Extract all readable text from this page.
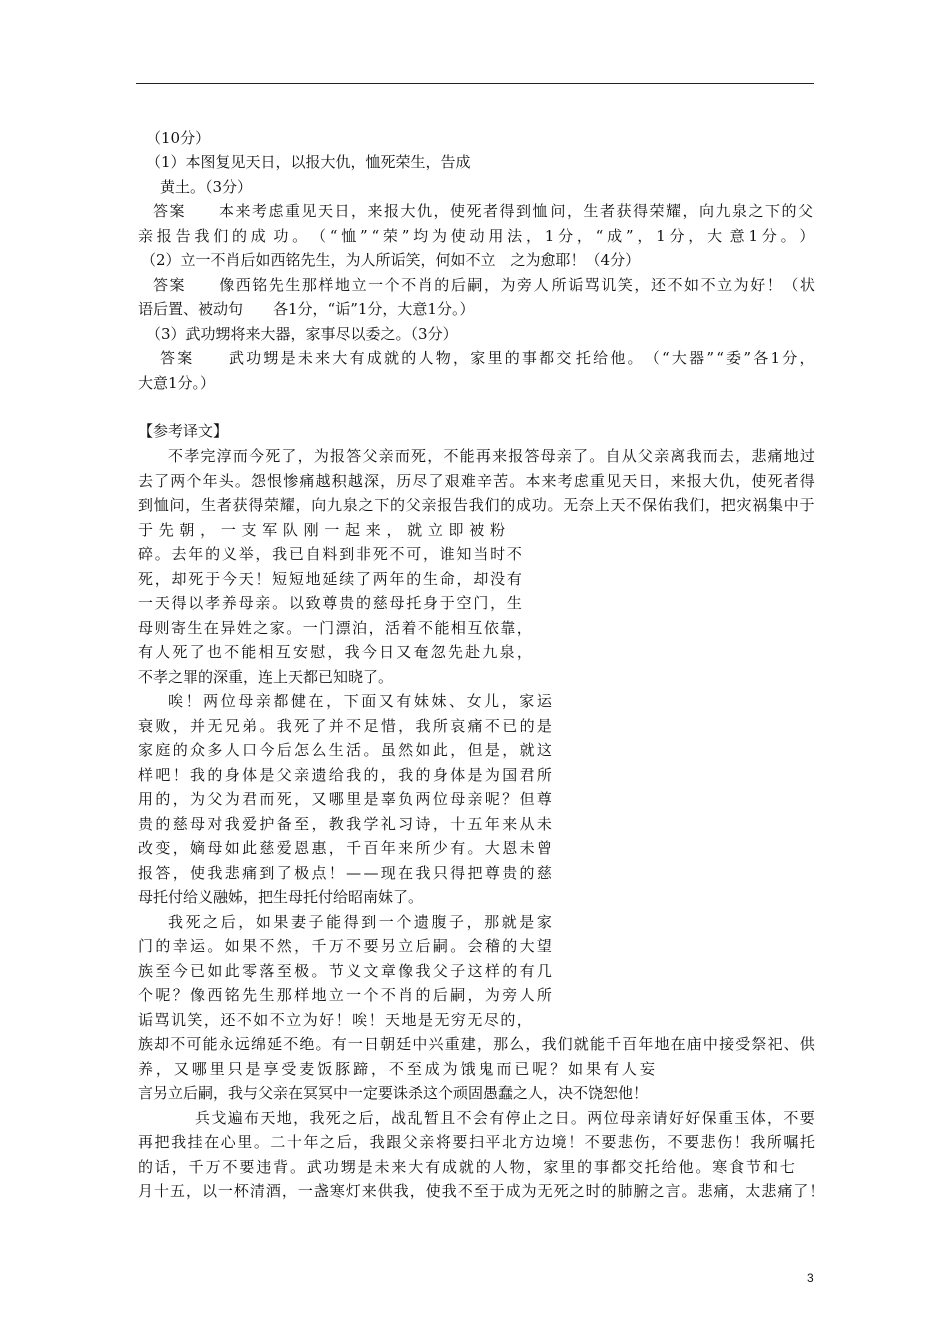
（10分）
（1）本图复见天日，以报大仇，恤死荣生，告成
黄土。（3分）
答 案

　 本 来 考 虑 重 见 天 日 ， 来 报 大 仇 ， 使 死 者 得 到 恤 问 ， 生 者 获 得 荣 耀 ， 向 九 泉 之 下 的 父
亲 报 告 我 们 的 成 功 。 （ “ 恤 ” “ 荣 ” 均 为 使 动 用 法 ， 1 分 ， “ 成 ” ， 1 分 ， 大 意 1 分 。 ）
（2）立一不肖后如西铭先生，为人所诟笑，何如不立　之为愈耶！（4分）
答 案

　 像 西 铭 先 生 那 样 地 立 一 个 不 肖 的 后 嗣 ， 为 旁 人 所 诟 骂 讥 笑 ， 还 不 如 不 立 为 好 ！ （ 状
语后置、被动句　　各1分，“诟”1分，大意1分。）
（3）武功甥将来大器，家事尽以委之。（3分）
答 案

　 武 功 甥 是 未 来 大 有 成 就 的 人 物 ， 家 里 的 事 都 交 托 给 他 。 （ “ 大 器 ” “ 委 ” 各 1 分 ，
大意1分。）
【参考译文】
不 孝 完 淳 而 今 死 了 ， 为 报 答 父 亲 而 死 ， 不 能 再 来 报 答 母 亲 了 。 自 从 父 亲 离 我 而 去 ， 悲 痛 地 过
去 了 两 个 年 头 。 怨 恨 惨 痛 越 积 越 深 ， 历 尽 了 艰 难 辛 苦 。 本 来 考 虑 重 见 天 日 ， 来 报 大 仇 ， 使 死 者 得
到 恤 问 ， 生 者 获 得 荣 耀 ， 向 九 泉 之 下 的 父 亲 报 告 我 们 的 成 功 。 无 奈 上 天 不 保 佑 我 们 ， 把 灾 祸 集 中 于
于 先 朝 ， 一 支 军 队 刚 一 起 来 ， 就 立 即 被 粉
碎 。 去 年 的 义 举 ， 我 已 自 料 到 非 死 不 可 ， 谁 知 当 时 不
死 ， 却 死 于 今 天 ！ 短 短 地 延 续 了 两 年 的 生 命 ， 却 没 有
一 天 得 以 孝 养 母 亲 。 以 致 尊 贵 的 慈 母 托 身 于 空 门 ， 生
母 则 寄 生 在 异 姓 之 家 。 一 门 漂 泊 ， 活 着 不 能 相 互 依 靠 ，
有 人 死 了 也 不 能 相 互 安 慰 ， 我 今 日 又 奄 忽 先 赴 九 泉 ，
不孝之罪的深重，连上天都已知晓了。
唉 ！ 两 位 母 亲 都 健 在 ， 下 面 又 有 妹 妹 、 女 儿 ， 家 运
衰 败 ， 并 无 兄 弟 。 我 死 了 并 不 足 惜 ， 我 所 哀 痛 不 已 的 是
家 庭 的 众 多 人 口 今 后 怎 么 生 活 。 虽 然 如 此 ， 但 是 ， 就 这
样 吧 ！ 我 的 身 体 是 父 亲 遗 给 我 的 ， 我 的 身 体 是 为 国 君 所
用 的 ， 为 父 为 君 而 死 ， 又 哪 里 是 辜 负 两 位 母 亲 呢 ？ 但 尊
贵 的 慈 母 对 我 爱 护 备 至 ， 教 我 学 礼 习 诗 ， 十 五 年 来 从 未
改 变 ， 嫡 母 如 此 慈 爱 恩 惠 ， 千 百 年 来 所 少 有 。 大 恩 未 曾
报 答 ， 使 我 悲 痛 到 了 极 点 ！ — — 现 在 我 只 得 把 尊 贵 的 慈
母托付给义融姊，把生母托付给昭南妹了。
我 死 之 后 ， 如 果 妻 子 能 得 到 一 个 遗 腹 子 ， 那 就 是 家
门 的 幸 运 。 如 果 不 然 ， 千 万 不 要 另 立 后 嗣 。 会 稽 的 大 望
族 至 今 已 如 此 零 落 至 极 。 节 义 文 章 像 我 父 子 这 样 的 有 几
个 呢 ？ 像 西 铭 先 生 那 样 地 立 一 个 不 肖 的 后 嗣 ， 为 旁 人 所
诟 骂 讥 笑 ， 还 不 如 不 立 为 好 ！ 唉 ！ 天 地 是 无 穷 无 尽 的 ，
族 却 不 可 能 永 远 绵 延 不 绝 。 有 一 日 朝 廷 中 兴 重 建 ， 那 么 ， 我 们 就 能 千 百 年 地 在 庙 中 接 受 祭 祀 、 供
养 ， 又 哪 里 只 是 享 受 麦 饭 豚 蹄 ， 不 至 成 为 饿 鬼 而 已 呢 ？ 如 果 有 人 妄
言另立后嗣，我与父亲在冥冥中一定要诛杀这个顽固愚蠢之人，决不饶恕他！
兵 戈 遍 布 天 地 ， 我 死 之 后 ， 战 乱 暂 且 不 会 有 停 止 之 日 。 两 位 母 亲 请 好 好 保 重 玉 体 ， 不 要
再 把 我 挂 在 心 里 。 二 十 年 之 后 ， 我 跟 父 亲 将 要 扫 平 北 方 边 境 ！ 不 要 悲 伤 ， 不 要 悲 伤 ！ 我 所 嘱 托
的 话 ， 千 万 不 要 违 背 。 武 功 甥 是 未 来 大 有 成 就 的 人 物 ， 家 里 的 事 都 交 托 给 他 。 寒 食 节 和 七
月 十 五 ， 以 一 杯 清 酒 ， 一 盏 寒 灯 来 供 我 ， 使 我 不 至 于 成 为 无 死 之 时 的 肺 腑 之 言 。 悲 痛 ， 太 悲 痛 了 ！
3
